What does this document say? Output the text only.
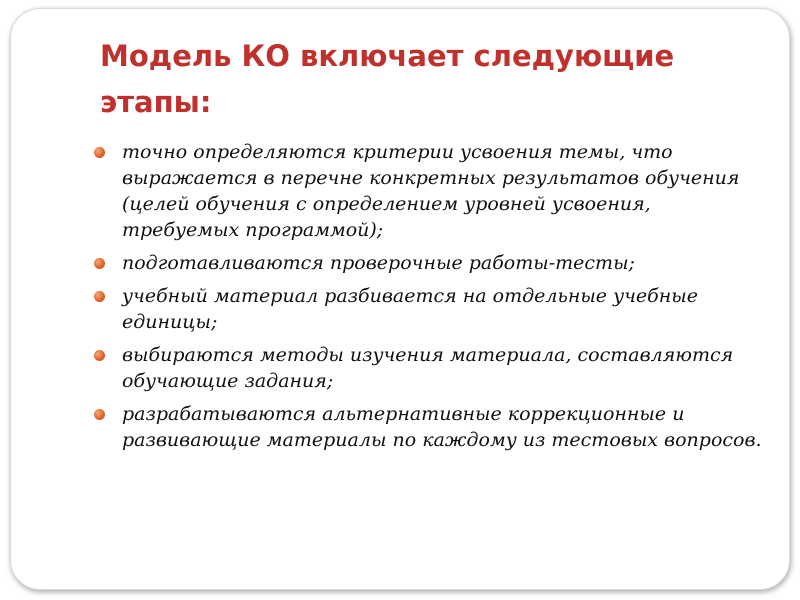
Модель КО включает следующие этапы:
точно определяются критерии усвоения темы, что выражается в перечне конкретных результатов обучения (целей обучения с определением уровней усвоения, требуемых программой);
подготавливаются проверочные работы-тесты;
учебный материал разбивается на отдельные учебные единицы;
выбираются методы изучения материала, составляются обучающие задания;
разрабатываются альтернативные коррекционные и развивающие материалы по каждому из тестовых вопросов.
